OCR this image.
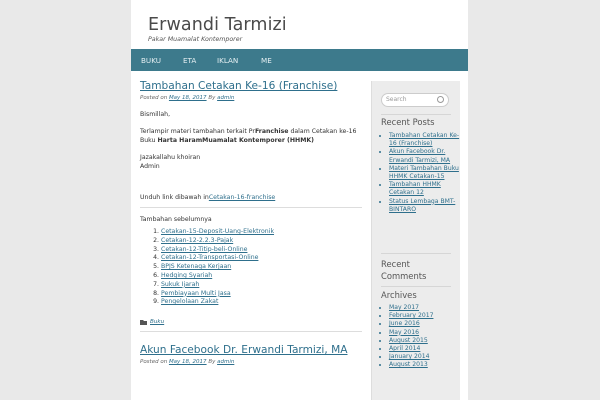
Erwandi Tarmizi
Pakar Muamalat Kontemporer
BUKU	ETA	IKLAN	ME
Tambahan Cetakan Ke-16 (Franchise)
Posted on May 18, 2017 By admin
Bismillah,
Terlampir materi tambahan terkait PrFranchise dalam Cetakan ke-16
Buku Harta HaramMuamalat Kontemporer (HHMK)
Jazakallahu khoiran
Admin
Unduh link dibawah inCetakan-16-franchise
Tambahan sebelumnya
1. Cetakan-15-Deposit-Uang-Elektronik
2. Cetakan-12-2.2.3-Pajak
3. Cetakan-12-Titip-beli-Online
4. Cetakan-12-Transportasi-Online
5. BPJS Ketenaga Kerjaan
6. Hedging Syariah
7. Sukuk Ijarah
8. Pembiayaan Multi Jasa
9. Pengelolaan Zakat
Buku
Akun Facebook Dr. Erwandi Tarmizi, MA
Posted on May 18, 2017 By admin
Search
Recent Posts
• Tambahan Cetakan Ke-16 (Franchise)
• Akun Facebook Dr. Erwandi Tarmizi, MA
• Materi Tambahan Buku HHMK Cetakan-15
• Tambahan HHMK Cetakan 12
• Status Lembaga BMT-BINTARO
Recent Comments
Archives
• May 2017
• February 2017
• June 2016
• May 2016
• August 2015
• April 2014
• January 2014
• August 2013
